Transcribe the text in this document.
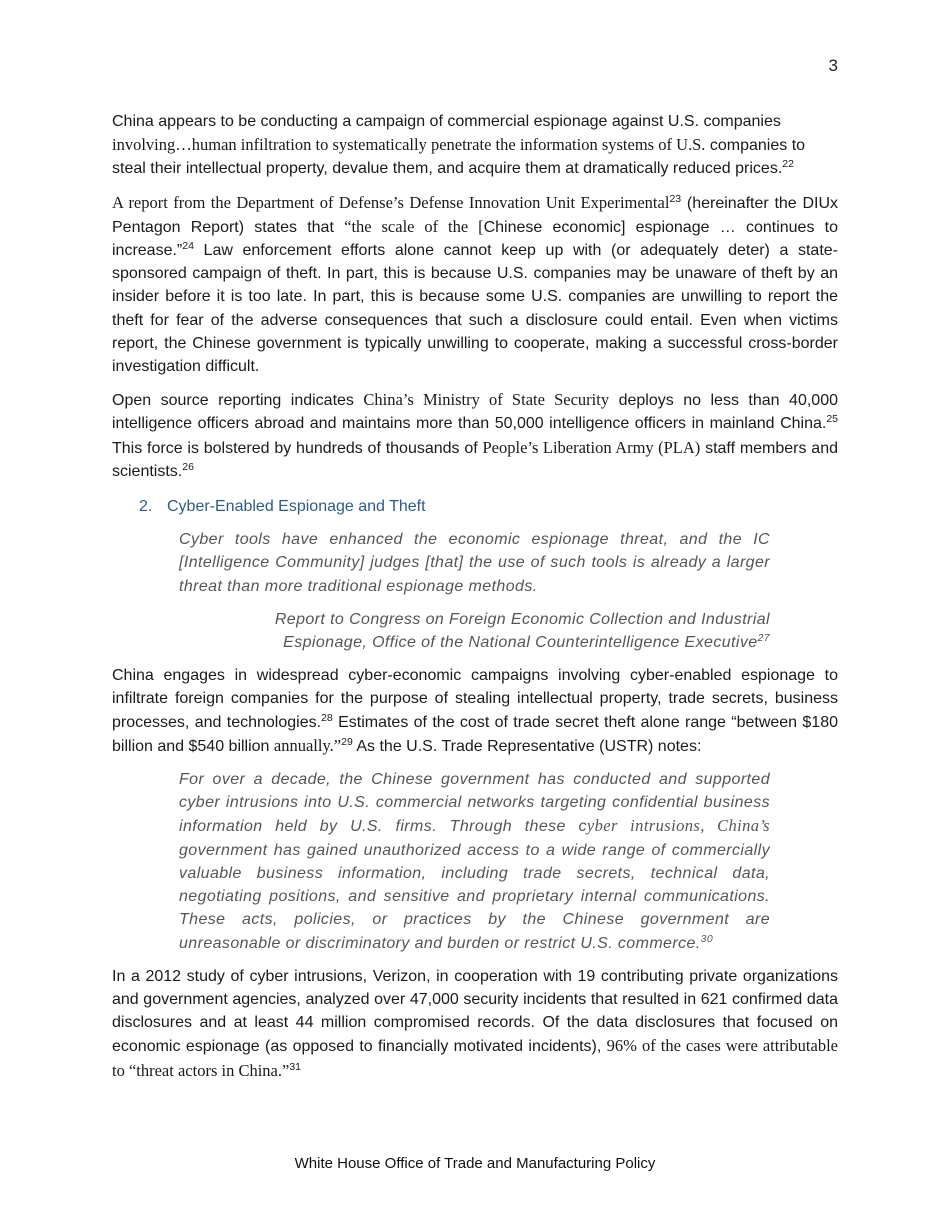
3

China appears to be conducting a campaign of commercial espionage against U.S. companies involving…human infiltration to systematically penetrate the information systems of U.S. companies to steal their intellectual property, devalue them, and acquire them at dramatically reduced prices.$^{22}$

A report from the Department of Defense’s Defense Innovation Unit Experimental$^{23}$ (hereinafter the DIUx Pentagon Report) states that “the scale of the [Chinese economic] espionage … continues to increase.”$^{24}$ Law enforcement efforts alone cannot keep up with (or adequately deter) a state-sponsored campaign of theft. In part, this is because U.S. companies may be unaware of theft by an insider before it is too late. In part, this is because some U.S. companies are unwilling to report the theft for fear of the adverse consequences that such a disclosure could entail. Even when victims report, the Chinese government is typically unwilling to cooperate, making a successful cross-border investigation difficult.

Open source reporting indicates China’s Ministry of State Security deploys no less than 40,000 intelligence officers abroad and maintains more than 50,000 intelligence officers in mainland China.$^{25}$ This force is bolstered by hundreds of thousands of People’s Liberation Army (PLA) staff members and scientists.$^{26}$

2. Cyber-Enabled Espionage and Theft

Cyber tools have enhanced the economic espionage threat, and the IC [Intelligence Community] judges [that] the use of such tools is already a larger threat than more traditional espionage methods.

Report to Congress on Foreign Economic Collection and Industrial
Espionage, Office of the National Counterintelligence Executive$^{27}$

China engages in widespread cyber-economic campaigns involving cyber-enabled espionage to infiltrate foreign companies for the purpose of stealing intellectual property, trade secrets, business processes, and technologies.$^{28}$ Estimates of the cost of trade secret theft alone range “between $180 billion and $540 billion annually.”$^{29}$ As the U.S. Trade Representative (USTR) notes:

For over a decade, the Chinese government has conducted and supported cyber intrusions into U.S. commercial networks targeting confidential business information held by U.S. firms. Through these cyber intrusions, China’s government has gained unauthorized access to a wide range of commercially valuable business information, including trade secrets, technical data, negotiating positions, and sensitive and proprietary internal communications. These acts, policies, or practices by the Chinese government are unreasonable or discriminatory and burden or restrict U.S. commerce.$^{30}$

In a 2012 study of cyber intrusions, Verizon, in cooperation with 19 contributing private organizations and government agencies, analyzed over 47,000 security incidents that resulted in 621 confirmed data disclosures and at least 44 million compromised records. Of the data disclosures that focused on economic espionage (as opposed to financially motivated incidents), 96% of the cases were attributable to “threat actors in China.”$^{31}$

White House Office of Trade and Manufacturing Policy
